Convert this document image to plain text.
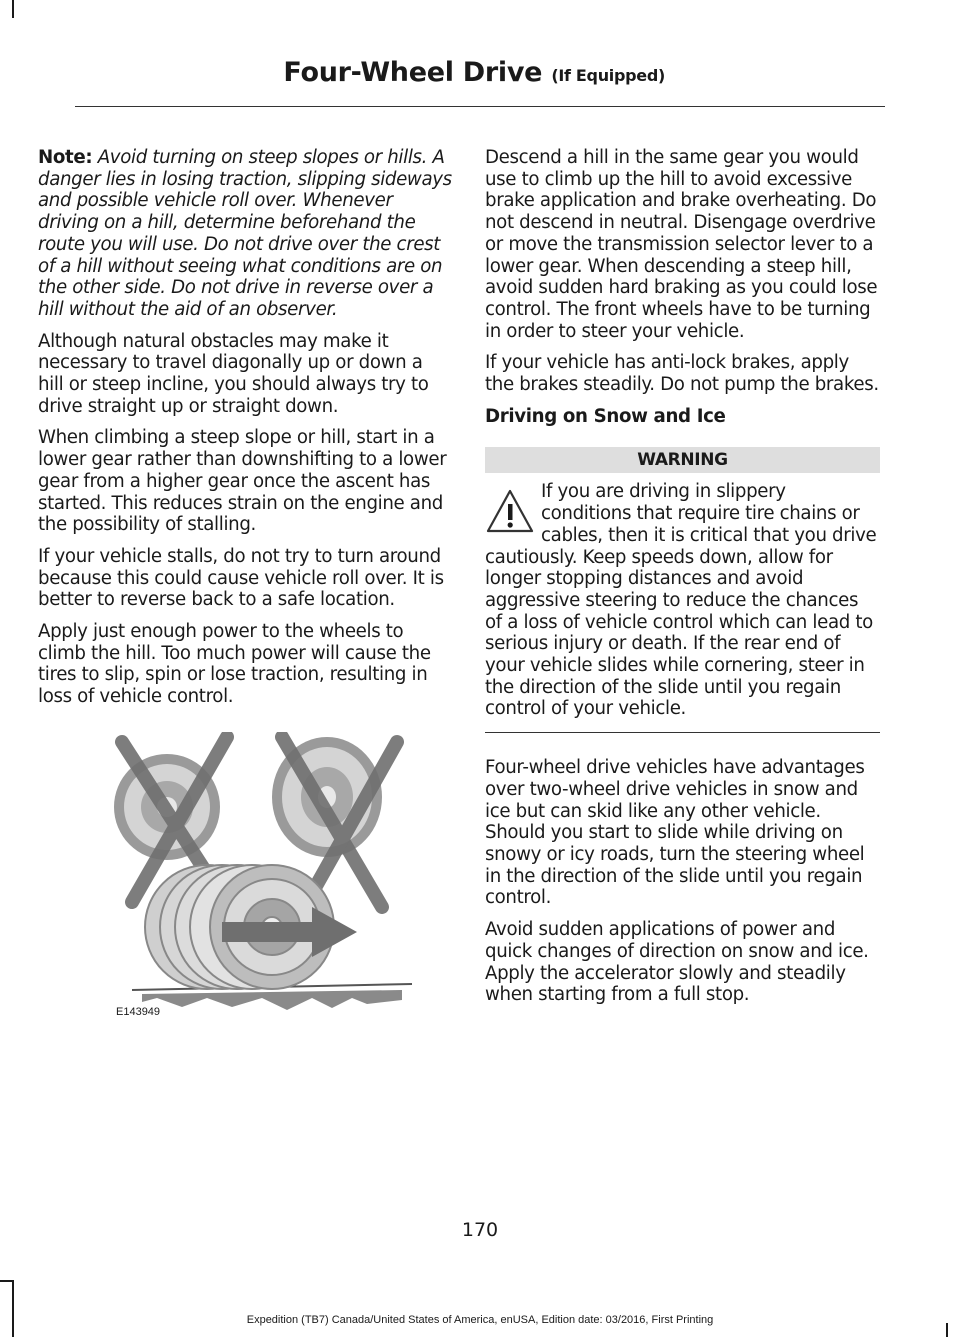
Four-Wheel Drive (If Equipped)

Note: Avoid turning on steep slopes or hills. A danger lies in losing traction, slipping sideways and possible vehicle roll over. Whenever driving on a hill, determine beforehand the route you will use. Do not drive over the crest of a hill without seeing what conditions are on the other side. Do not drive in reverse over a hill without the aid of an observer.

Although natural obstacles may make it necessary to travel diagonally up or down a hill or steep incline, you should always try to drive straight up or straight down.

When climbing a steep slope or hill, start in a lower gear rather than downshifting to a lower gear from a higher gear once the ascent has started. This reduces strain on the engine and the possibility of stalling.

If your vehicle stalls, do not try to turn around because this could cause vehicle roll over. It is better to reverse back to a safe location.

Apply just enough power to the wheels to climb the hill. Too much power will cause the tires to slip, spin or lose traction, resulting in loss of vehicle control.

E143949

Descend a hill in the same gear you would use to climb up the hill to avoid excessive brake application and brake overheating. Do not descend in neutral. Disengage overdrive or move the transmission selector lever to a lower gear. When descending a steep hill, avoid sudden hard braking as you could lose control. The front wheels have to be turning in order to steer your vehicle.

If your vehicle has anti-lock brakes, apply the brakes steadily. Do not pump the brakes.

Driving on Snow and Ice

WARNING
If you are driving in slippery conditions that require tire chains or cables, then it is critical that you drive cautiously. Keep speeds down, allow for longer stopping distances and avoid aggressive steering to reduce the chances of a loss of vehicle control which can lead to serious injury or death. If the rear end of your vehicle slides while cornering, steer in the direction of the slide until you regain control of your vehicle.

Four-wheel drive vehicles have advantages over two-wheel drive vehicles in snow and ice but can skid like any other vehicle. Should you start to slide while driving on snowy or icy roads, turn the steering wheel in the direction of the slide until you regain control.

Avoid sudden applications of power and quick changes of direction on snow and ice. Apply the accelerator slowly and steadily when starting from a full stop.

170
Expedition (TB7) Canada/United States of America, enUSA, Edition date: 03/2016, First Printing
